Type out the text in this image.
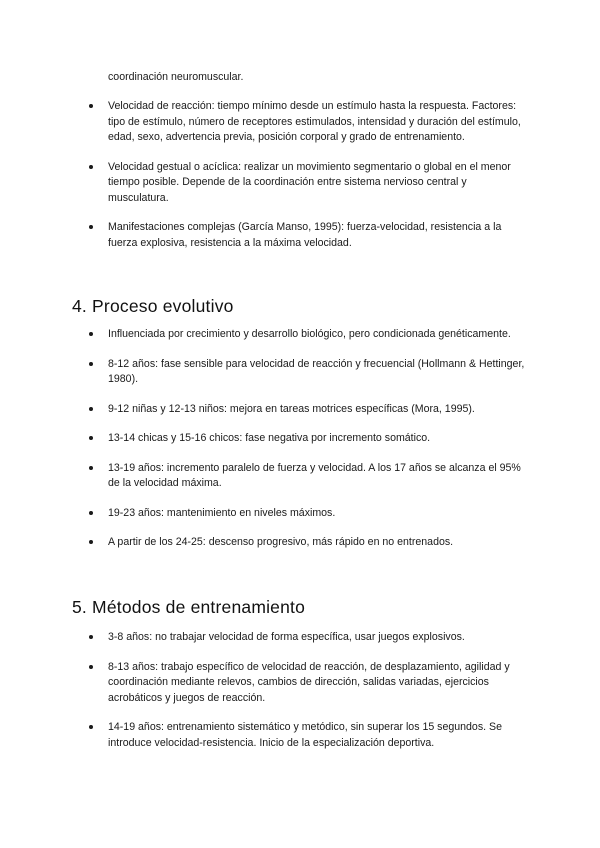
coordinación neuromuscular.
Velocidad de reacción: tiempo mínimo desde un estímulo hasta la respuesta. Factores: tipo de estímulo, número de receptores estimulados, intensidad y duración del estímulo, edad, sexo, advertencia previa, posición corporal y grado de entrenamiento.
Velocidad gestual o acíclica: realizar un movimiento segmentario o global en el menor tiempo posible. Depende de la coordinación entre sistema nervioso central y musculatura.
Manifestaciones complejas (García Manso, 1995): fuerza-velocidad, resistencia a la fuerza explosiva, resistencia a la máxima velocidad.
4. Proceso evolutivo
Influenciada por crecimiento y desarrollo biológico, pero condicionada genéticamente.
8-12 años: fase sensible para velocidad de reacción y frecuencial (Hollmann & Hettinger, 1980).
9-12 niñas y 12-13 niños: mejora en tareas motrices específicas (Mora, 1995).
13-14 chicas y 15-16 chicos: fase negativa por incremento somático.
13-19 años: incremento paralelo de fuerza y velocidad. A los 17 años se alcanza el 95% de la velocidad máxima.
19-23 años: mantenimiento en niveles máximos.
A partir de los 24-25: descenso progresivo, más rápido en no entrenados.
5. Métodos de entrenamiento
3-8 años: no trabajar velocidad de forma específica, usar juegos explosivos.
8-13 años: trabajo específico de velocidad de reacción, de desplazamiento, agilidad y coordinación mediante relevos, cambios de dirección, salidas variadas, ejercicios acrobáticos y juegos de reacción.
14-19 años: entrenamiento sistemático y metódico, sin superar los 15 segundos. Se introduce velocidad-resistencia. Inicio de la especialización deportiva.
